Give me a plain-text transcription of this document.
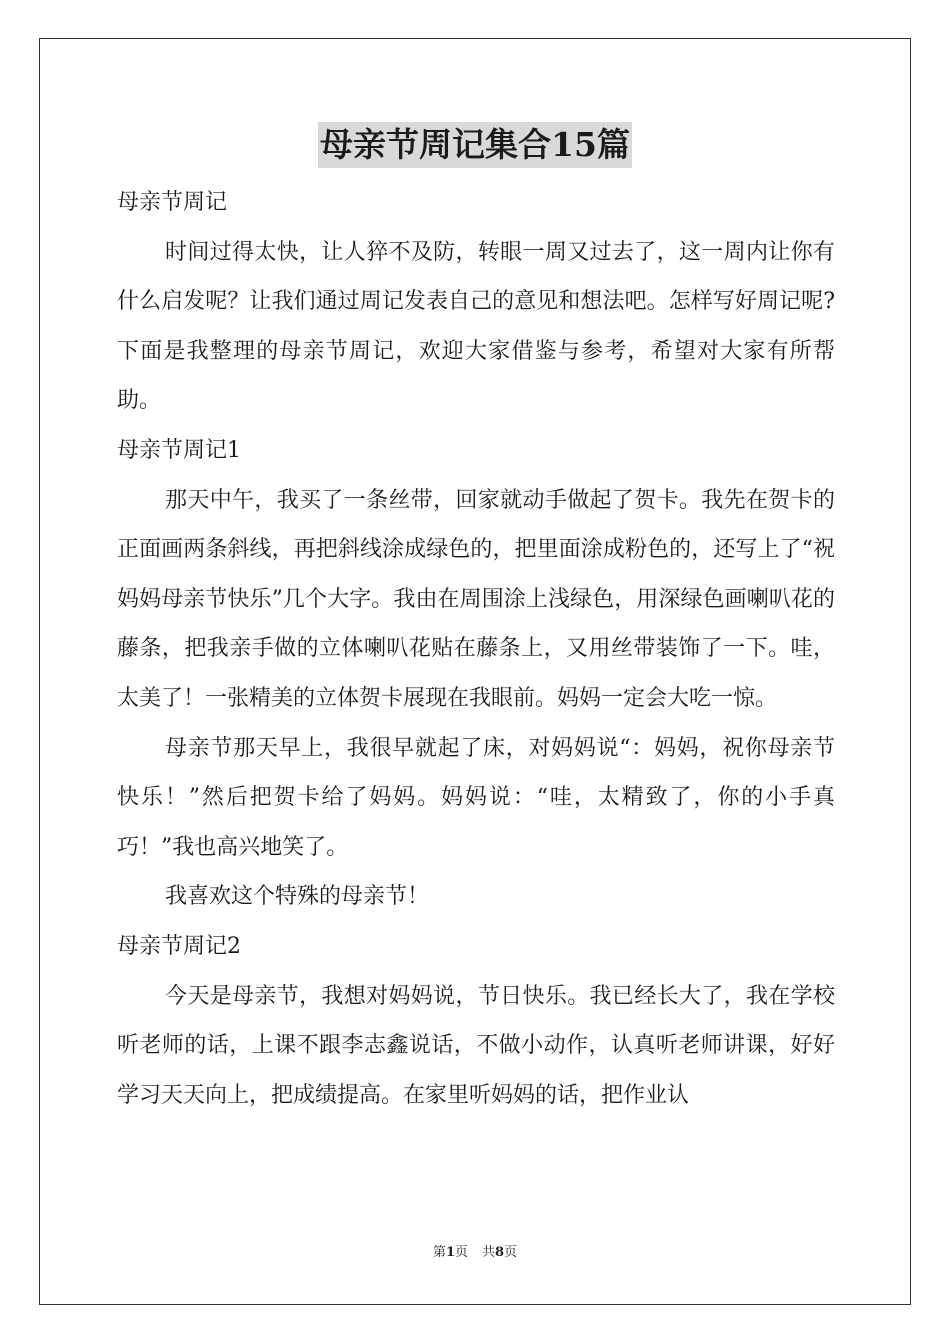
母亲节周记集合15篇

母亲节周记

时间过得太快，让人猝不及防，转眼一周又过去了，这一周内让你有什么启发呢？让我们通过周记发表自己的意见和想法吧。怎样写好周记呢?下面是我整理的母亲节周记，欢迎大家借鉴与参考，希望对大家有所帮助。

母亲节周记1

那天中午，我买了一条丝带，回家就动手做起了贺卡。我先在贺卡的正面画两条斜线，再把斜线涂成绿色的，把里面涂成粉色的，还写上了“祝妈妈母亲节快乐”几个大字。我由在周围涂上浅绿色，用深绿色画喇叭花的藤条，把我亲手做的立体喇叭花贴在藤条上，又用丝带装饰了一下。哇，太美了！一张精美的立体贺卡展现在我眼前。妈妈一定会大吃一惊。

母亲节那天早上，我很早就起了床，对妈妈说“：妈妈，祝你母亲节快乐！”然后把贺卡给了妈妈。妈妈说：“哇，太精致了，你的小手真巧！”我也高兴地笑了。

我喜欢这个特殊的母亲节！

母亲节周记2

今天是母亲节，我想对妈妈说，节日快乐。我已经长大了，我在学校听老师的话，上课不跟李志鑫说话，不做小动作，认真听老师讲课，好好学习天天向上，把成绩提高。在家里听妈妈的话，把作业认

第1页 共8页
